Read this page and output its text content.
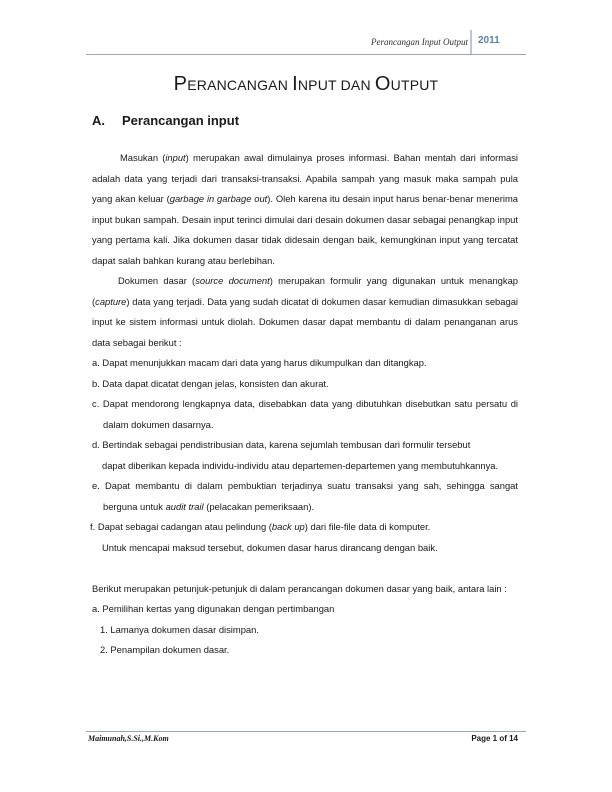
Perancangan Input Output 2011
PERANCANGAN INPUT DAN OUTPUT
A. Perancangan input

Masukan (input) merupakan awal dimulainya proses informasi. Bahan mentah dari informasi adalah data yang terjadi dari transaksi-transaksi. Apabila sampah yang masuk maka sampah pula yang akan keluar (garbage in garbage out). Oleh karena itu desain input harus benar-benar menerima input bukan sampah. Desain input terinci dimulai dari desain dokumen dasar sebagai penangkap input yang pertama kali. Jika dokumen dasar tidak didesain dengan baik, kemungkinan input yang tercatat dapat salah bahkan kurang atau berlebihan.

Dokumen dasar (source document) merupakan formulir yang digunakan untuk menangkap (capture) data yang terjadi. Data yang sudah dicatat di dokumen dasar kemudian dimasukkan sebagai input ke sistem informasi untuk diolah. Dokumen dasar dapat membantu di dalam penanganan arus data sebagai berikut :

a. Dapat menunjukkan macam dari data yang harus dikumpulkan dan ditangkap.

b. Data dapat dicatat dengan jelas, konsisten dan akurat.

c. Dapat mendorong lengkapnya data, disebabkan data yang dibutuhkan disebutkan satu persatu di dalam dokumen dasarnya.

d. Bertindak sebagai pendistribusian data, karena sejumlah tembusan dari formulir tersebut

dapat diberikan kepada individu-individu atau departemen-departemen yang membutuhkannya.

e. Dapat membantu di dalam pembuktian terjadinya suatu transaksi yang sah, sehingga sangat berguna untuk audit trail (pelacakan pemeriksaan).

f. Dapat sebagai cadangan atau pelindung (back up) dari file-file data di komputer.

Untuk mencapai maksud tersebut, dokumen dasar harus dirancang dengan baik.

Berikut merupakan petunjuk-petunjuk di dalam perancangan dokumen dasar yang baik, antara lain :

a. Pemilihan kertas yang digunakan dengan pertimbangan

1. Lamanya dokumen dasar disimpan.

2. Penampilan dokumen dasar.

Maimunah,S.Si.,M.Kom	Page 1 of 14
